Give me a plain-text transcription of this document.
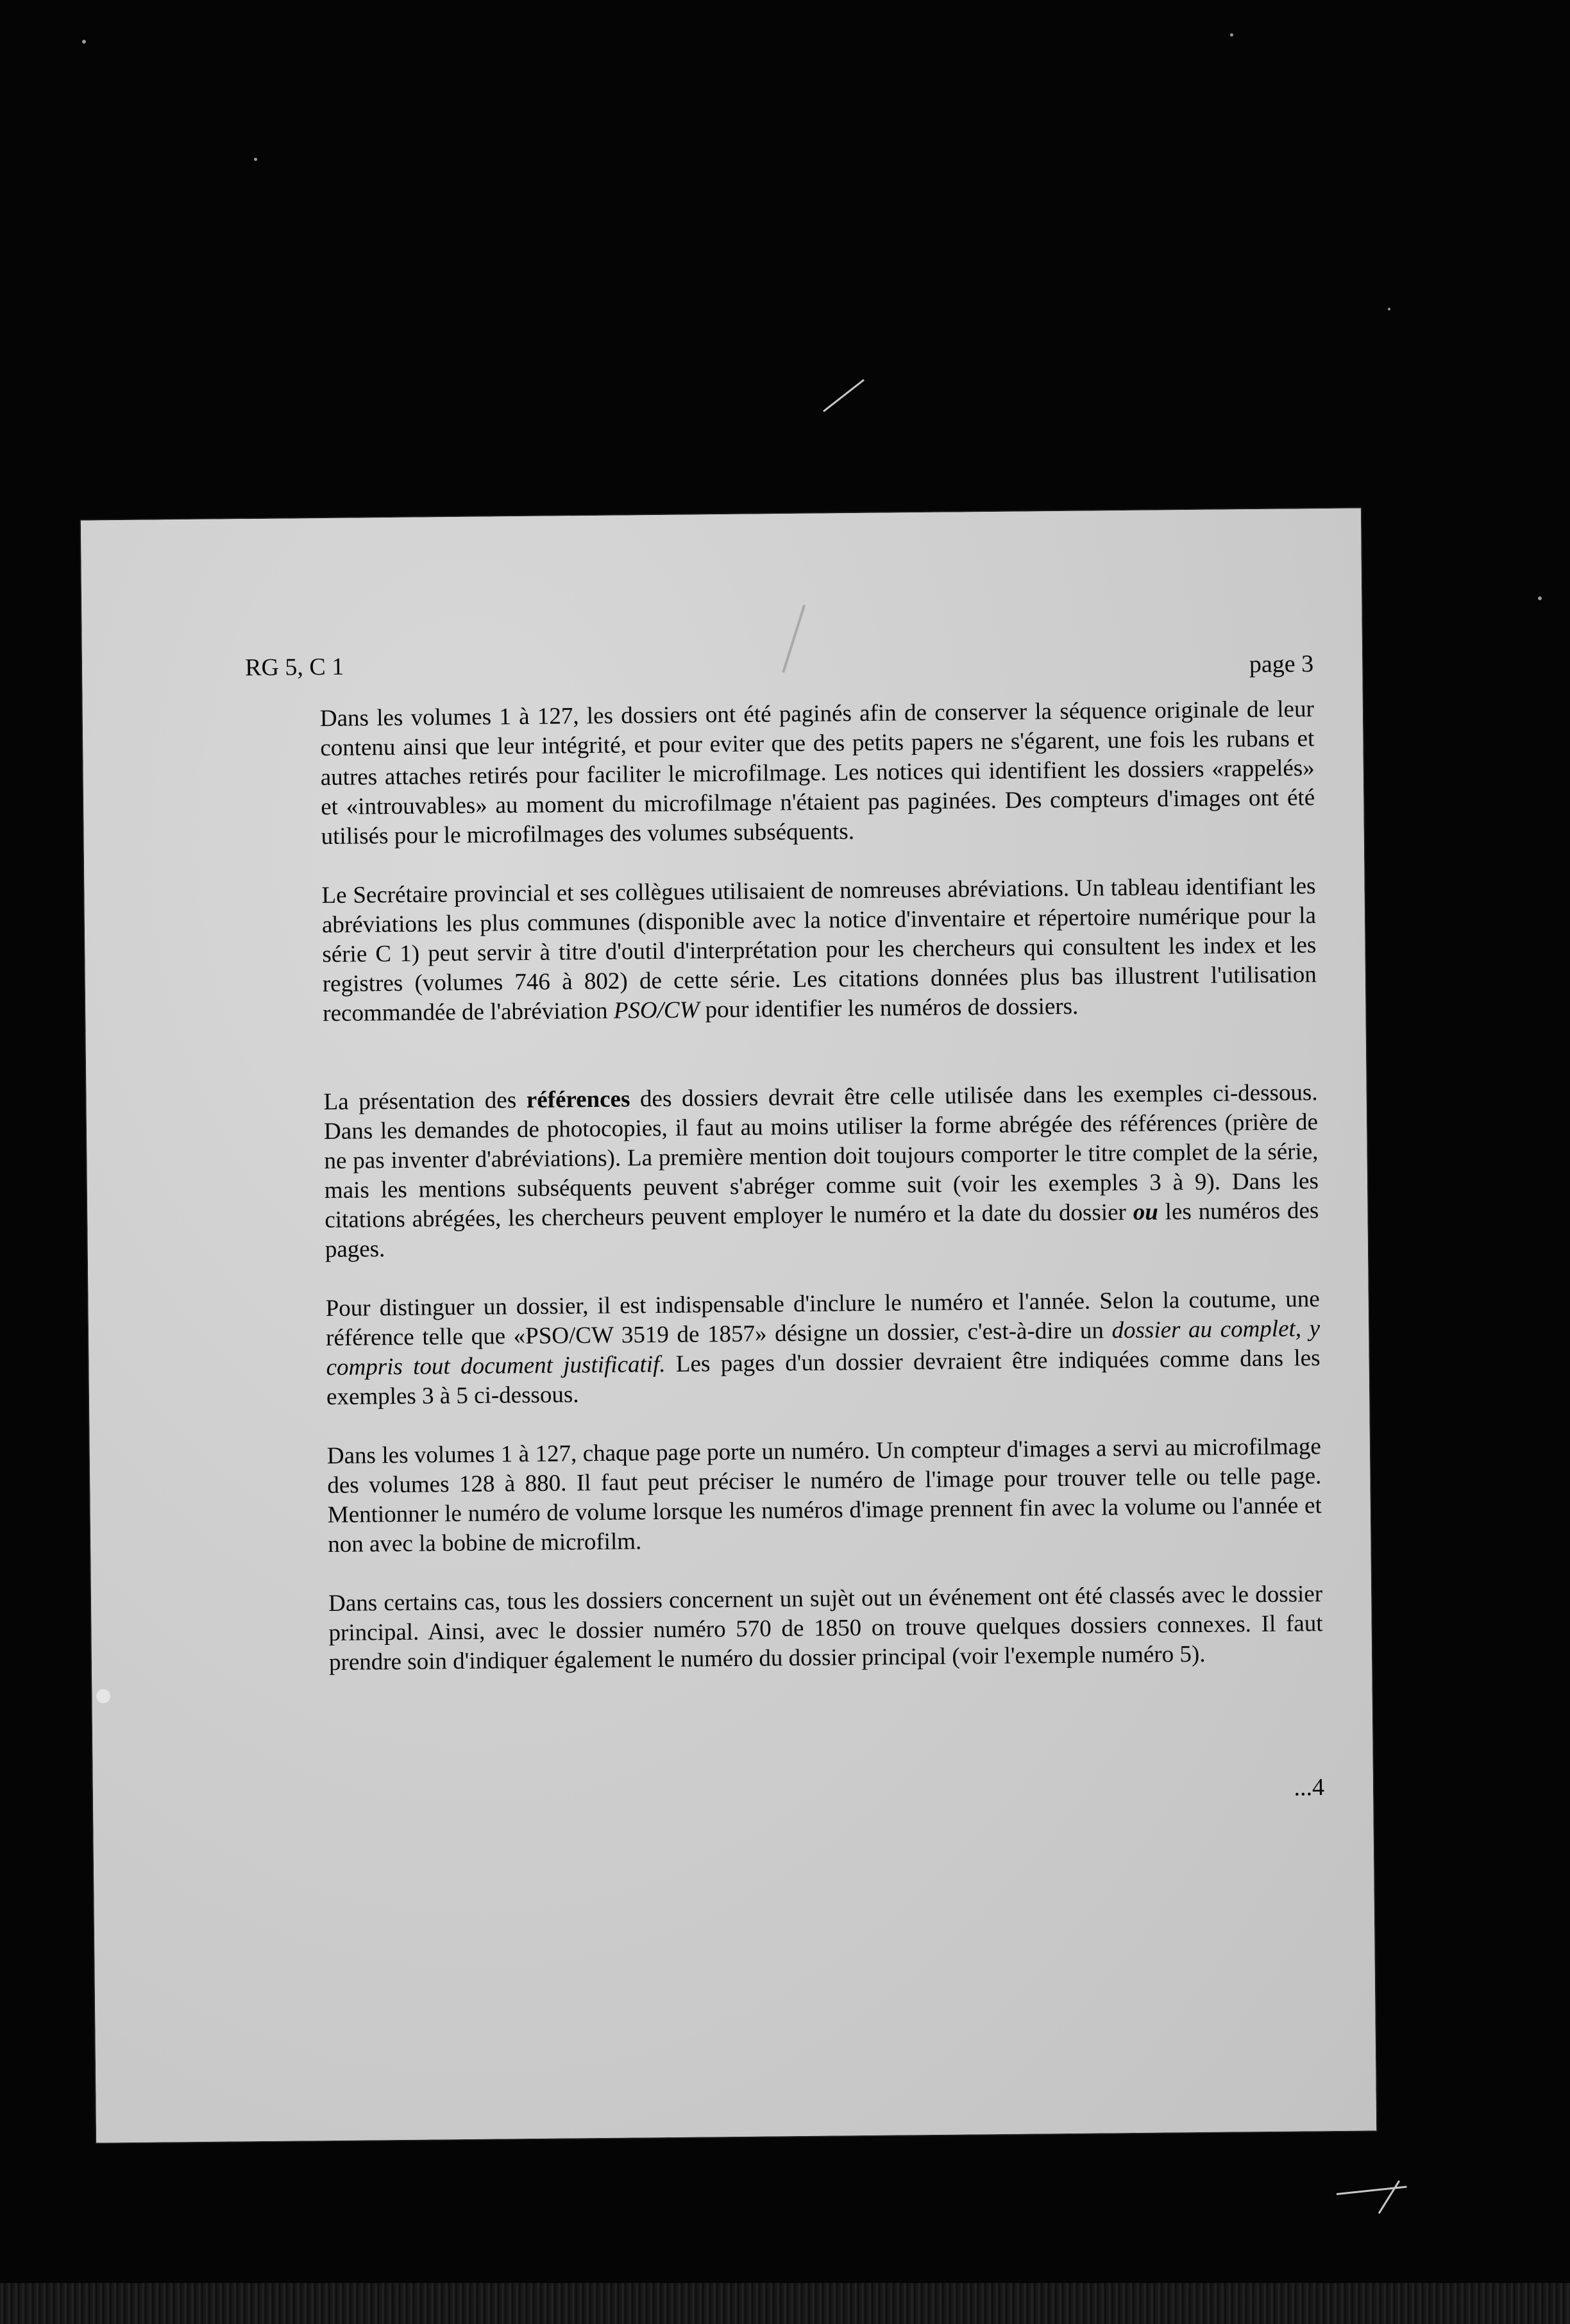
RG 5, C 1	page 3

Dans les volumes 1 à 127, les dossiers ont été paginés afin de conserver la séquence originale de leur contenu ainsi que leur intégrité, et pour eviter que des petits papers ne s'égarent, une fois les rubans et autres attaches retirés pour faciliter le microfilmage. Les notices qui identifient les dossiers «rappelés» et «introuvables» au moment du microfilmage n'étaient pas paginées. Des compteurs d'images ont été utilisés pour le microfilmages des volumes subséquents.

Le Secrétaire provincial et ses collègues utilisaient de nomreuses abréviations. Un tableau identifiant les abréviations les plus communes (disponible avec la notice d'inventaire et répertoire numérique pour la série C 1) peut servir à titre d'outil d'interprétation pour les chercheurs qui consultent les index et les registres (volumes 746 à 802) de cette série. Les citations données plus bas illustrent l'utilisation recommandée de l'abréviation PSO/CW pour identifier les numéros de dossiers.

La présentation des références des dossiers devrait être celle utilisée dans les exemples ci-dessous. Dans les demandes de photocopies, il faut au moins utiliser la forme abrégée des références (prière de ne pas inventer d'abréviations). La première mention doit toujours comporter le titre complet de la série, mais les mentions subséquents peuvent s'abréger comme suit (voir les exemples 3 à 9). Dans les citations abrégées, les chercheurs peuvent employer le numéro et la date du dossier ou les numéros des pages.

Pour distinguer un dossier, il est indispensable d'inclure le numéro et l'année. Selon la coutume, une référence telle que «PSO/CW 3519 de 1857» désigne un dossier, c'est-à-dire un dossier au complet, y compris tout document justificatif. Les pages d'un dossier devraient être indiquées comme dans les exemples 3 à 5 ci-dessous.

Dans les volumes 1 à 127, chaque page porte un numéro. Un compteur d'images a servi au microfilmage des volumes 128 à 880. Il faut peut préciser le numéro de l'image pour trouver telle ou telle page. Mentionner le numéro de volume lorsque les numéros d'image prennent fin avec la volume ou l'année et non avec la bobine de microfilm.

Dans certains cas, tous les dossiers concernent un sujèt out un événement ont été classés avec le dossier principal. Ainsi, avec le dossier numéro 570 de 1850 on trouve quelques dossiers connexes. Il faut prendre soin d'indiquer également le numéro du dossier principal (voir l'exemple numéro 5).

...4
